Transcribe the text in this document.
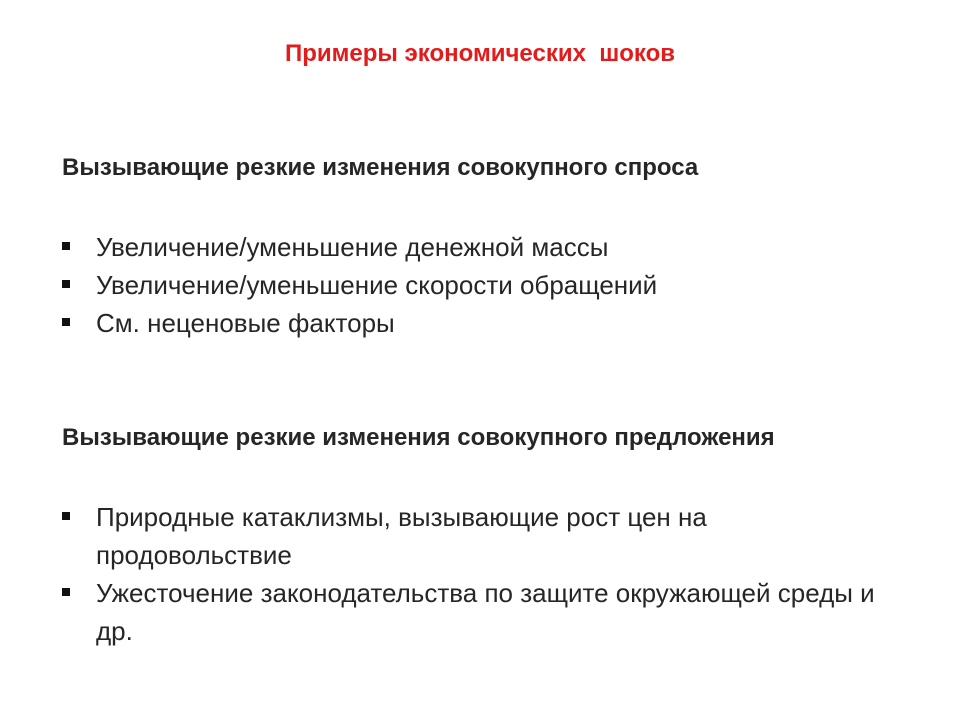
Примеры экономических  шоков
Вызывающие резкие изменения совокупного спроса
Увеличение/уменьшение денежной массы
Увеличение/уменьшение скорости обращений
См. неценовые факторы
Вызывающие резкие изменения совокупного предложения
Природные катаклизмы, вызывающие рост цен на продовольствие
Ужесточение законодательства по защите окружающей среды и др.
